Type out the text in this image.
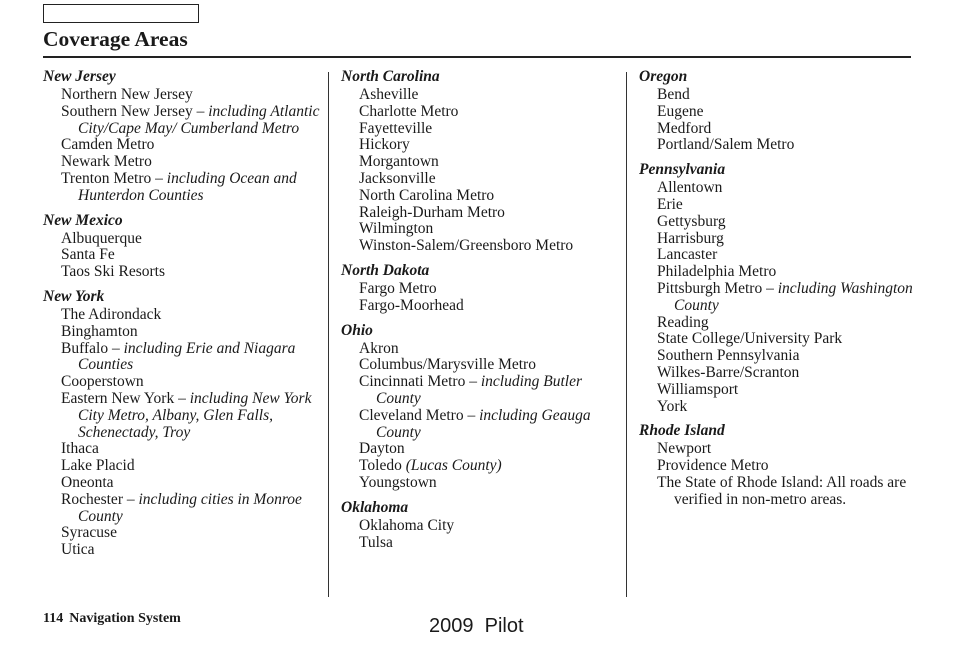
Coverage Areas
New Jersey
Northern New Jersey
Southern New Jersey – including Atlantic City/Cape May/ Cumberland Metro
Camden Metro
Newark Metro
Trenton Metro – including Ocean and Hunterdon Counties
New Mexico
Albuquerque
Santa Fe
Taos Ski Resorts
New York
The Adirondack
Binghamton
Buffalo – including Erie and Niagara Counties
Cooperstown
Eastern New York – including New York City Metro, Albany, Glen Falls, Schenectady, Troy
Ithaca
Lake Placid
Oneonta
Rochester – including cities in Monroe County
Syracuse
Utica
North Carolina
Asheville
Charlotte Metro
Fayetteville
Hickory
Morgantown
Jacksonville
North Carolina Metro
Raleigh-Durham Metro
Wilmington
Winston-Salem/Greensboro Metro
North Dakota
Fargo Metro
Fargo-Moorhead
Ohio
Akron
Columbus/Marysville Metro
Cincinnati Metro – including Butler County
Cleveland Metro – including Geauga County
Dayton
Toledo (Lucas County)
Youngstown
Oklahoma
Oklahoma City
Tulsa
Oregon
Bend
Eugene
Medford
Portland/Salem Metro
Pennsylvania
Allentown
Erie
Gettysburg
Harrisburg
Lancaster
Philadelphia Metro
Pittsburgh Metro – including Washington County
Reading
State College/University Park
Southern Pennsylvania
Wilkes-Barre/Scranton
Williamsport
York
Rhode Island
Newport
Providence Metro
The State of Rhode Island: All roads are verified in non-metro areas.
114 Navigation System	2009  Pilot
